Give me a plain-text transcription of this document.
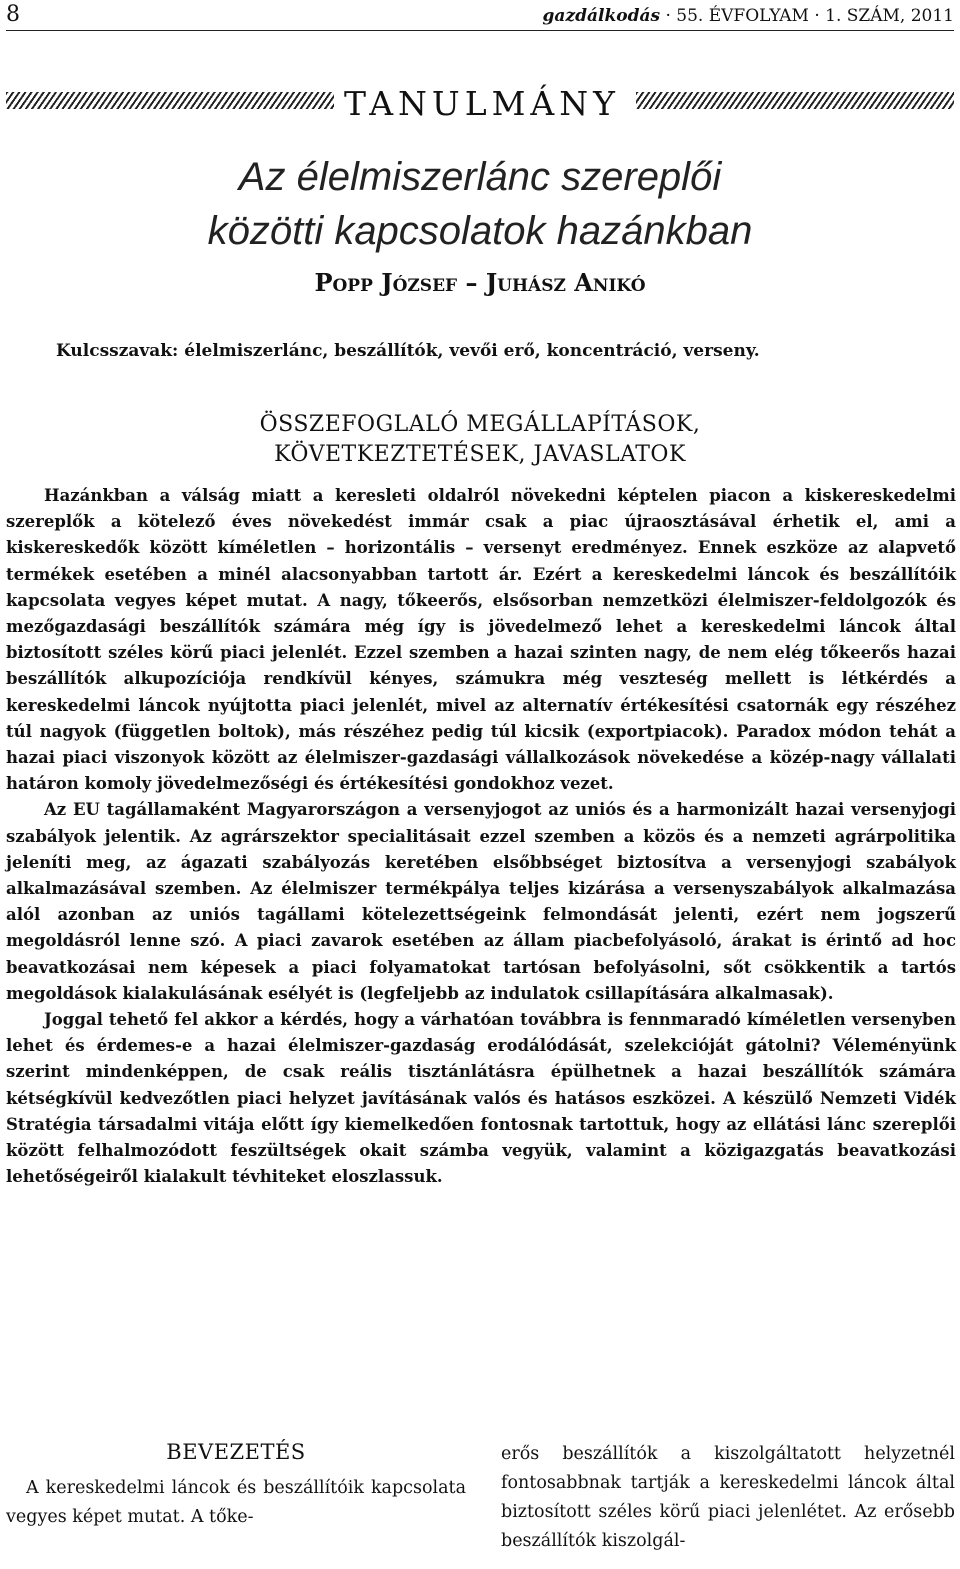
8	gazdálkodás · 55. ÉVFOLYAM · 1. SZÁM, 2011
TANULMÁNY
Az élelmiszerlánc szereplői
közötti kapcsolatok hazánkban
Popp József – Juhász Anikó
Kulcsszavak: élelmiszerlánc, beszállítók, vevői erő, koncentráció, verseny.
ÖSSZEFOGLALÓ MEGÁLLAPÍTÁSOK,
KÖVETKEZTETÉSEK, JAVASLATOK

Hazánkban a válság miatt a keresleti oldalról növekedni képtelen piacon a kiskereskedelmi szereplők a kötelező éves növekedést immár csak a piac újraosztásával érhetik el, ami a kiskereskedők között kíméletlen – horizontális – versenyt eredményez. Ennek eszköze az alapvető termékek esetében a minél alacsonyabban tartott ár. Ezért a kereskedelmi láncok és beszállítóik kapcsolata vegyes képet mutat. A nagy, tőkeerős, elsősorban nemzetközi élelmiszer-feldolgozók és mezőgazdasági beszállítók számára még így is jövedelmező lehet a kereskedelmi láncok által biztosított széles körű piaci jelenlét. Ezzel szemben a hazai szinten nagy, de nem elég tőkeerős hazai beszállítók alkupozíciója rendkívül kényes, számukra még veszteség mellett is létkérdés a kereskedelmi láncok nyújtotta piaci jelenlét, mivel az alternatív értékesítési csatornák egy részéhez túl nagyok (független boltok), más részéhez pedig túl kicsik (exportpiacok). Paradox módon tehát a hazai piaci viszonyok között az élelmiszer-gazdasági vállalkozások növekedése a közép-nagy vállalati határon komoly jövedelmezőségi és értékesítési gondokhoz vezet.

Az EU tagállamaként Magyarországon a versenyjogot az uniós és a harmonizált hazai versenyjogi szabályok jelentik. Az agrárszektor specialitásait ezzel szemben a közös és a nemzeti agrárpolitika jeleníti meg, az ágazati szabályozás keretében elsőbbséget biztosítva a versenyjogi szabályok alkalmazásával szemben. Az élelmiszer termékpálya teljes kizárása a versenyszabályok alkalmazása alól azonban az uniós tagállami kötelezettségeink felmondását jelenti, ezért nem jogszerű megoldásról lenne szó. A piaci zavarok esetében az állam piacbefolyásoló, árakat is érintő ad hoc beavatkozásai nem képesek a piaci folyamatokat tartósan befolyásolni, sőt csökkentik a tartós megoldások kialakulásának esélyét is (legfeljebb az indulatok csillapítására alkalmasak).

Joggal tehető fel akkor a kérdés, hogy a várhatóan továbbra is fennmaradó kíméletlen versenyben lehet és érdemes-e a hazai élelmiszer-gazdaság erodálódását, szelekcióját gátolni? Véleményünk szerint mindenképpen, de csak reális tisztánlátásra épülhetnek a hazai beszállítók számára kétségkívül kedvezőtlen piaci helyzet javításának valós és hatásos eszközei. A készülő Nemzeti Vidék Stratégia társadalmi vitája előtt így kiemelkedően fontosnak tartottuk, hogy az ellátási lánc szereplői között felhalmozódott feszültségek okait számba vegyük, valamint a közigazgatás beavatkozási lehetőségeiről kialakult tévhiteket eloszlassuk.

BEVEZETÉS

A kereskedelmi láncok és beszállítóik kapcsolata vegyes képet mutat. A tőke-

erős beszállítók a kiszolgáltatott helyzetnél fontosabbnak tartják a kereskedelmi láncok által biztosított széles körű piaci jelenlétet. Az erősebb beszállítók kiszolgál-
